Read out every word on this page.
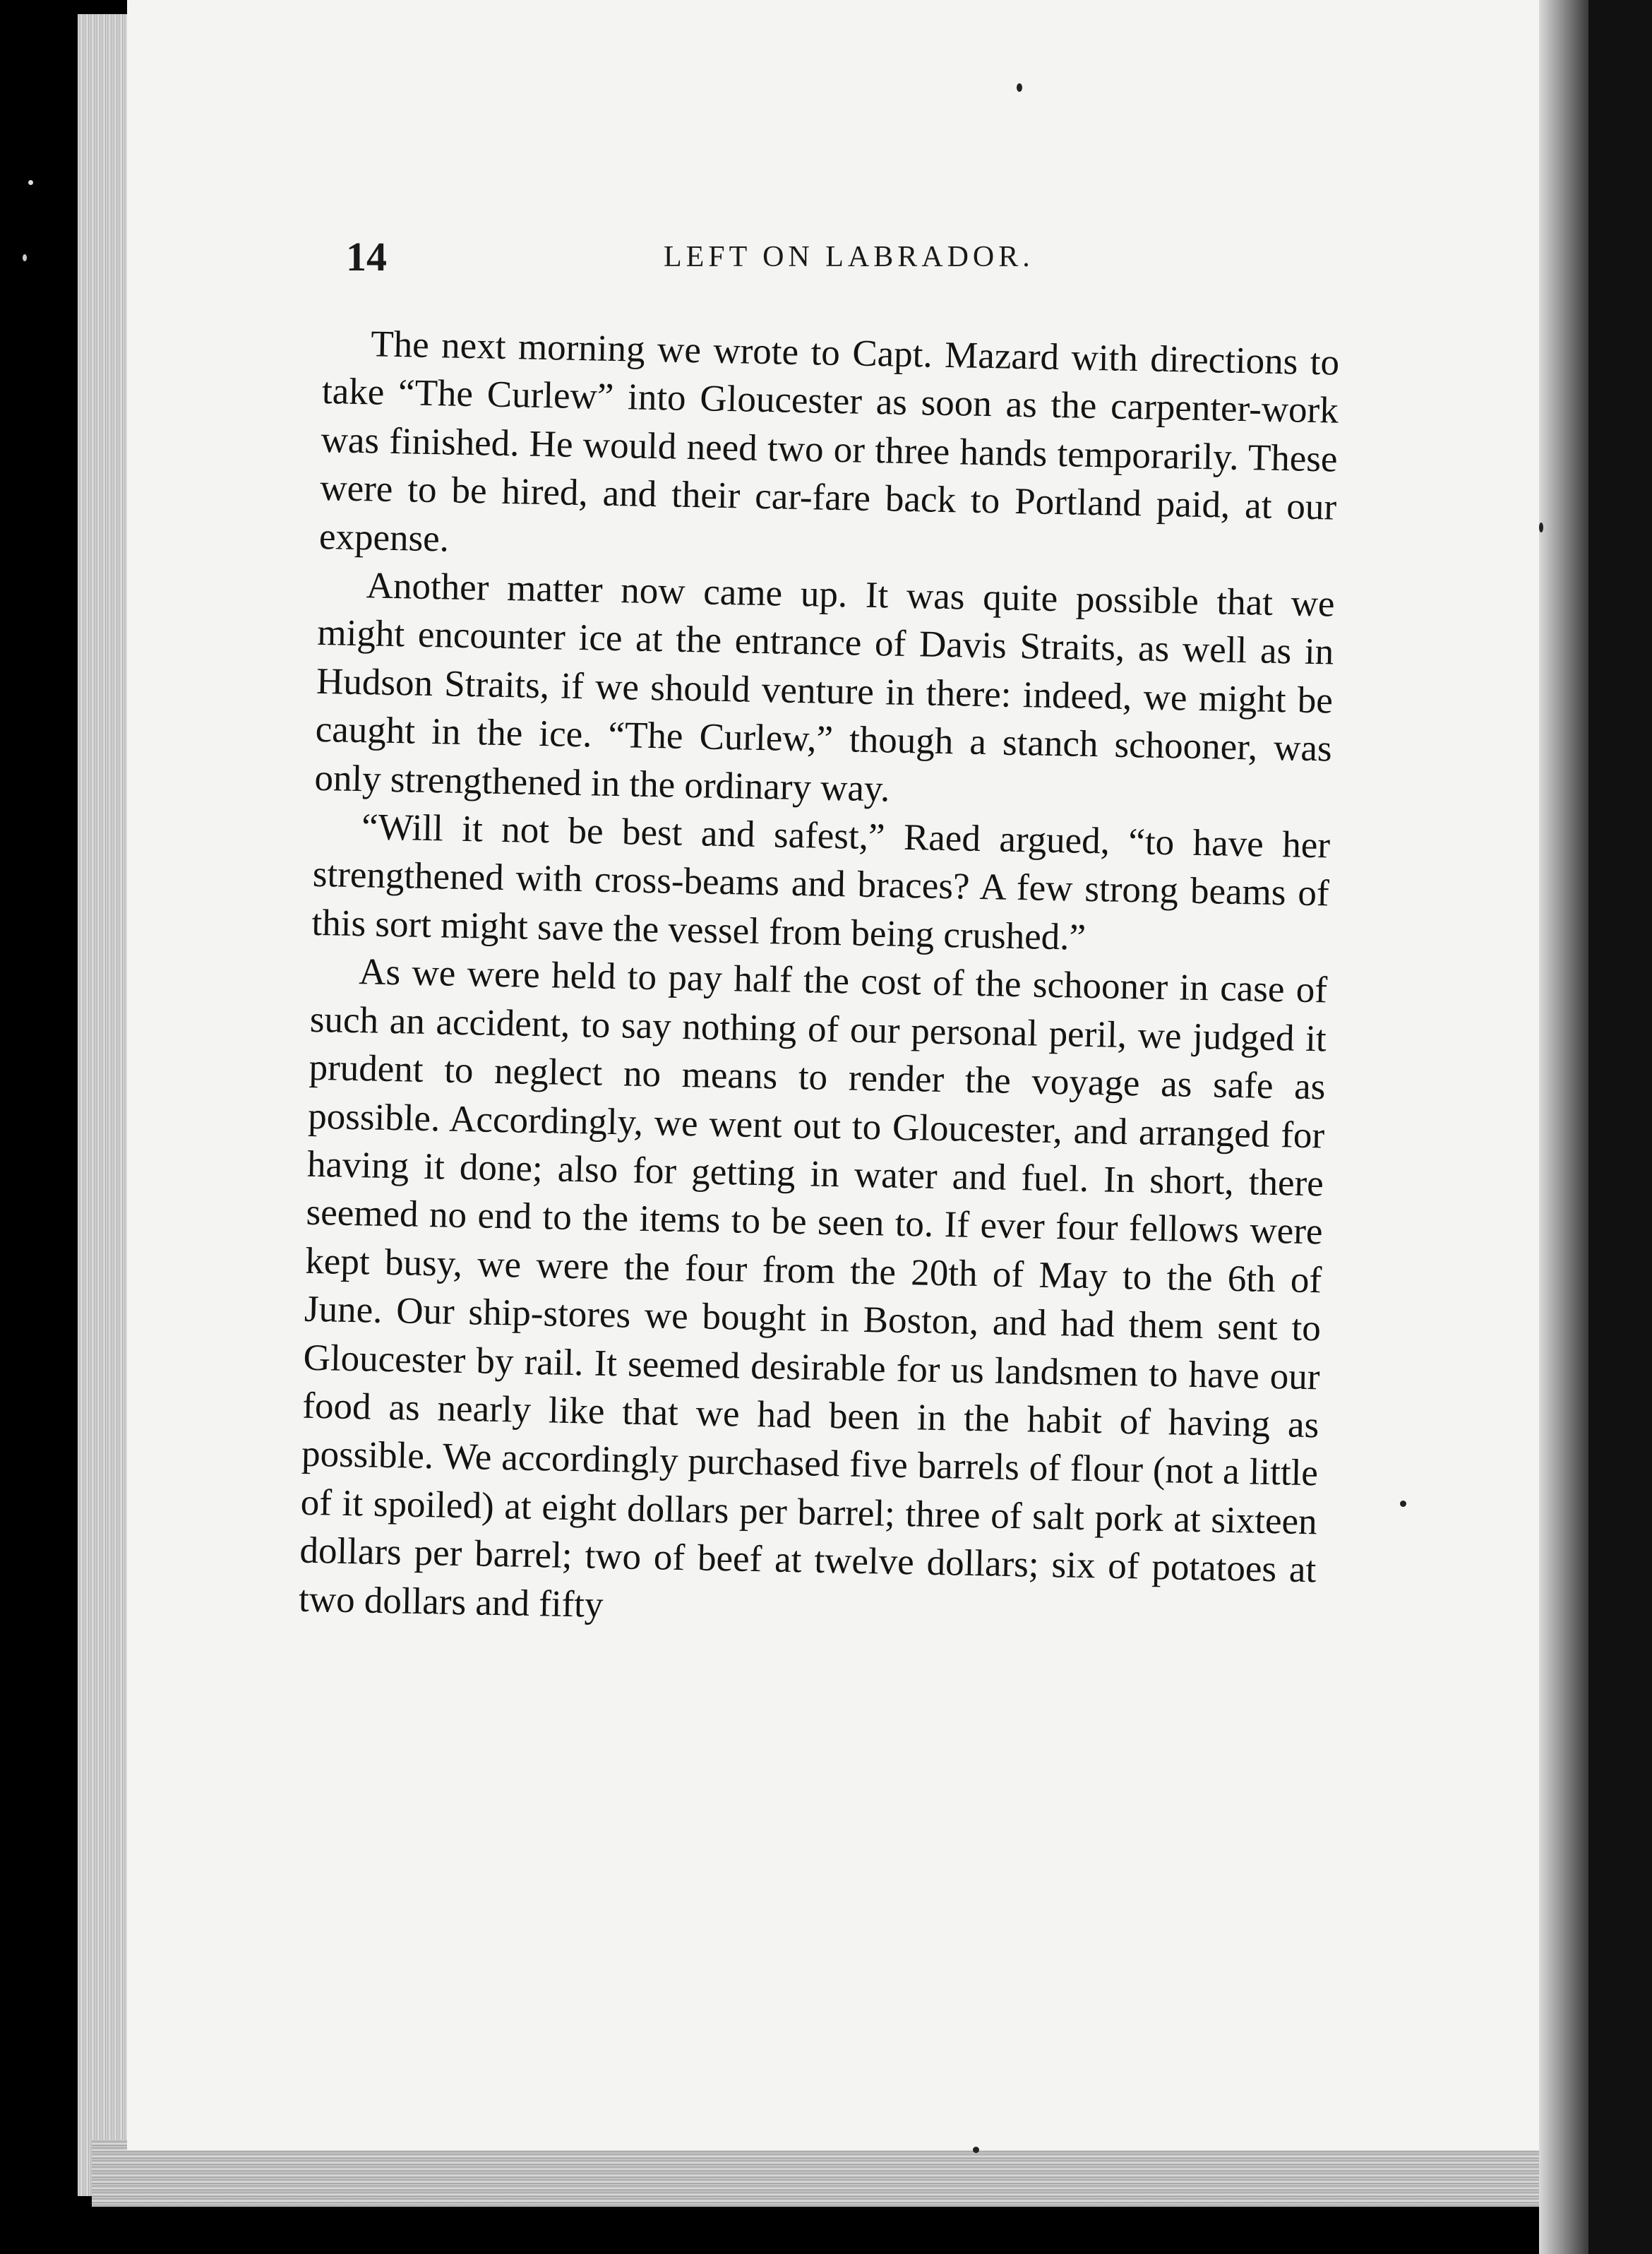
14	LEFT ON LABRADOR.

The next morning we wrote to Capt. Mazard with directions to take “The Curlew” into Gloucester as soon as the carpenter-work was finished. He would need two or three hands temporarily. These were to be hired, and their car-fare back to Portland paid, at our expense.

Another matter now came up. It was quite possible that we might encounter ice at the entrance of Davis Straits, as well as in Hudson Straits, if we should venture in there: indeed, we might be caught in the ice. “The Curlew,” though a stanch schooner, was only strengthened in the ordinary way.

“Will it not be best and safest,” Raed argued, “to have her strengthened with cross-beams and braces? A few strong beams of this sort might save the vessel from being crushed.”

As we were held to pay half the cost of the schooner in case of such an accident, to say nothing of our personal peril, we judged it prudent to neglect no means to render the voyage as safe as possible. Accordingly, we went out to Gloucester, and arranged for having it done; also for getting in water and fuel. In short, there seemed no end to the items to be seen to. If ever four fellows were kept busy, we were the four from the 20th of May to the 6th of June. Our ship-stores we bought in Boston, and had them sent to Gloucester by rail. It seemed desirable for us landsmen to have our food as nearly like that we had been in the habit of having as possible. We accordingly purchased five barrels of flour (not a little of it spoiled) at eight dollars per barrel; three of salt pork at sixteen dollars per barrel; two of beef at twelve dollars; six of potatoes at two dollars and fifty
